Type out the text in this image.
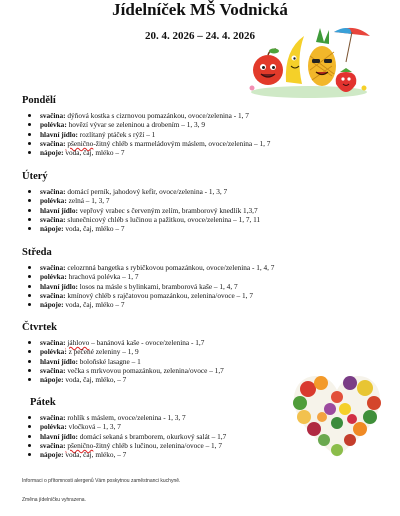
Jídelníček MŠ Vodnická
20. 4. 2026 – 24. 4. 2026
Pondělí
svačina: dýňová kostka s cizrnovou pomazánkou, ovoce/zelenina - 1, 7
polévka: hovězí vývar se zeleninou a drobením – 1, 3, 9
hlavní jídlo: rozlítaný ptáček s rýží – 1
svačina: pšenično-žitný chléb s marmeládovým máslem, ovoce/zelenina – 1, 7
nápoje: voda, čaj, mléko – 7
Úterý
svačina: domácí perník, jahodový kefír, ovoce/zelenina - 1, 3, 7
polévka: zelná – 1, 3, 7
hlavní jídlo: vepřový vrabec s červeným zelím, bramborový knedlík 1,3,7
svačina: slunečnicový chléb s lučinou a pažitkou, ovoce/zelenina – 1, 7, 11
nápoje: voda, čaj, mléko – 7
Středa
svačina: celozrnná bangetka s rybičkovou pomazánkou, ovoce/zelenina - 1, 4, 7
polévka: hrachová polévka – 1, 7
hlavní jídlo: losos na másle s bylinkami, bramborová kaše – 1, 4, 7
svačina: kmínový chléb s rajčatovou pomazánkou, zelenina/ovoce – 1, 7
nápoje: voda, čaj, mléko – 7
Čtvrtek
svačina: jáhlovo – banánová kaše - ovoce/zelenina - 1,7
polévka: z pečené zeleniny – 1, 9
hlavní jídlo: boloňské lasagne – 1
svačina: večka s mrkvovou pomazánkou, zelenina/ovoce – 1,7
nápoje: voda, čaj, mléko, – 7
Pátek
svačina: rohlík s máslem, ovoce/zelenina - 1, 3, 7
polévka: vločková – 1, 3, 7
hlavní jídlo: domácí sekaná s bramborem, okurkový salát – 1,7
svačina: pšenično-žitný chléb s lučinou, zelenina/ovoce – 1, 7
nápoje: voda, čaj, mléko, – 7
Informaci o přítomnosti alergenů Vám poskytnou zaměstnanci kuchyně.
Změna jídelníčku vyhrazena.
